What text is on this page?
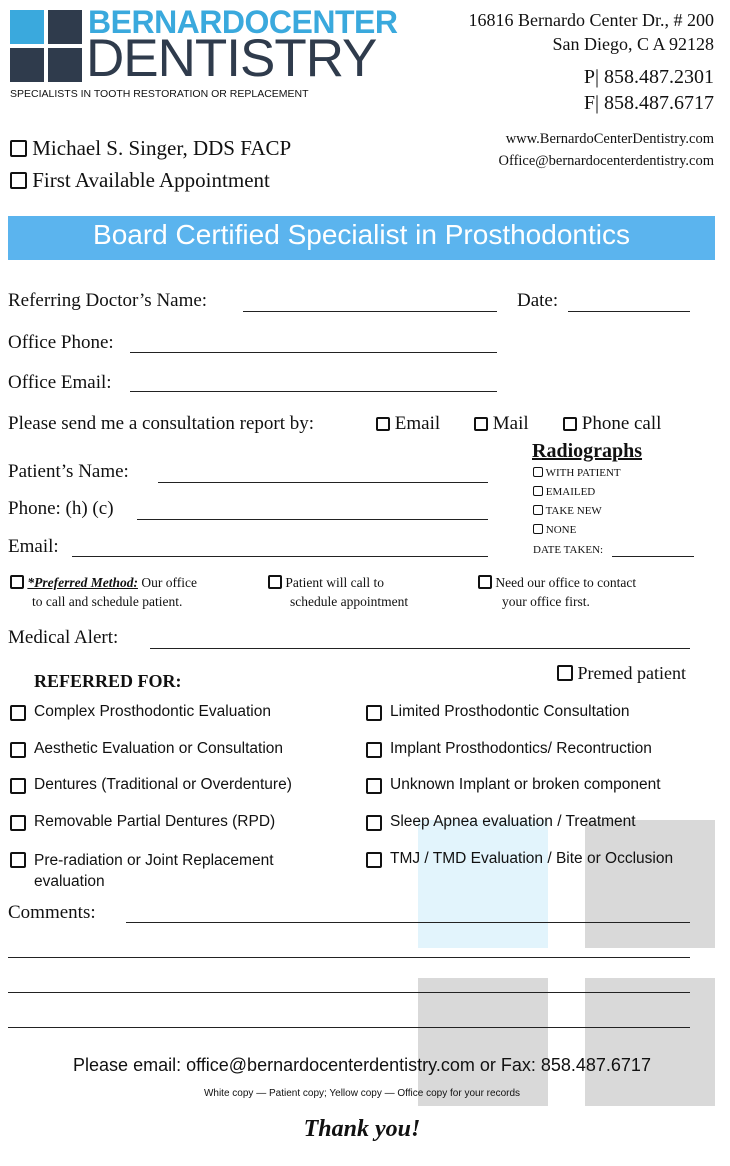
BERNARDOCENTER
DENTISTRY
SPECIALISTS IN TOOTH RESTORATION OR REPLACEMENT
16816 Bernardo Center Dr., # 200
San Diego, C A 92128
P| 858.487.2301
F| 858.487.6717
www.BernardoCenterDentistry.com
Office@bernardocenterdentistry.com
Michael S. Singer, DDS FACP
First Available Appointment
Board Certified Specialist in Prosthodontics
Referring Doctor’s Name:	Date:
Office Phone:
Office Email:
Please send me a consultation report by:	Email	Mail	Phone call
Patient’s Name:
Phone: (h) (c)
Email:
Radiographs
WITH PATIENT
EMAILED
TAKE NEW
NONE
DATE TAKEN:
*Preferred Method: Our office
to call and schedule patient.
Patient will call to
schedule appointment
Need our office to contact
your office first.
Medical Alert:
Premed patient
REFERRED FOR:
Complex Prosthodontic Evaluation
Aesthetic Evaluation or Consultation
Dentures (Traditional or Overdenture)
Removable Partial Dentures (RPD)
Pre-radiation or Joint Replacement
evaluation
Limited Prosthodontic Consultation
Implant Prosthodontics/ Recontruction
Unknown Implant or broken component
Sleep Apnea evaluation / Treatment
TMJ / TMD Evaluation / Bite or Occlusion
Comments:
Please email: office@bernardocenterdentistry.com or Fax: 858.487.6717
White copy — Patient copy; Yellow copy — Office copy for your records
Thank you!
